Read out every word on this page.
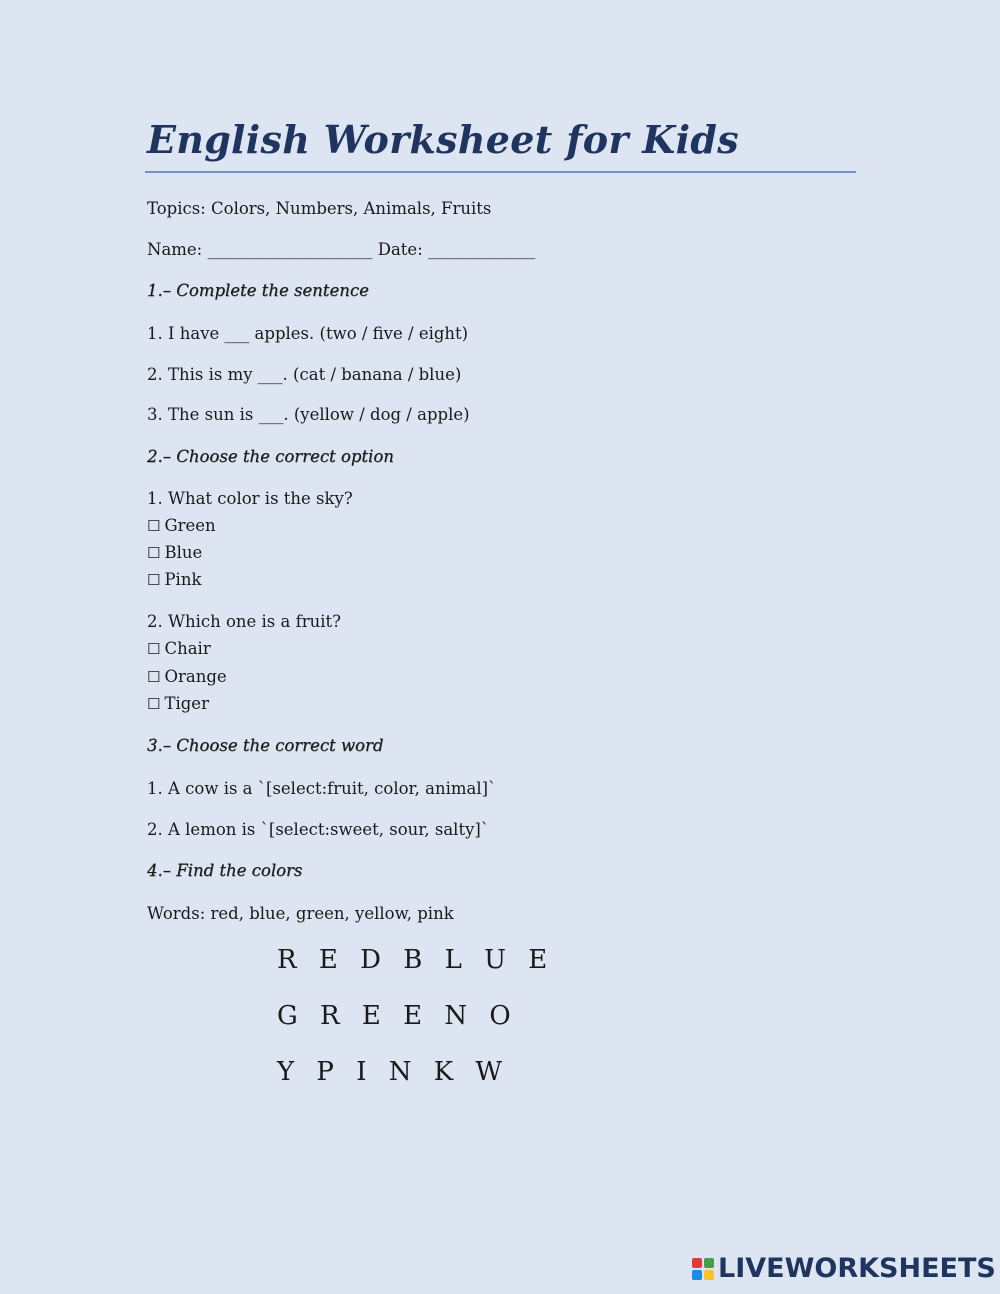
English Worksheet for Kids
Topics: Colors, Numbers, Animals, Fruits
Name: ____________________ Date: _____________
1.– Complete the sentence
1. I have ___ apples. (two / five / eight)
2. This is my ___. (cat / banana / blue)
3. The sun is ___. (yellow / dog / apple)
2.– Choose the correct option
1. What color is the sky?
☐ Green
☐ Blue
☐ Pink
2. Which one is a fruit?
☐ Chair
☐ Orange
☐ Tiger
3.– Choose the correct word
1. A cow is a `[select:fruit, color, animal]`
2. A lemon is `[select:sweet, sour, salty]`
4.– Find the colors
Words: red, blue, green, yellow, pink
R E D B L U E
G R E E N O
Y P I N K W
LIVEWORKSHEETS
